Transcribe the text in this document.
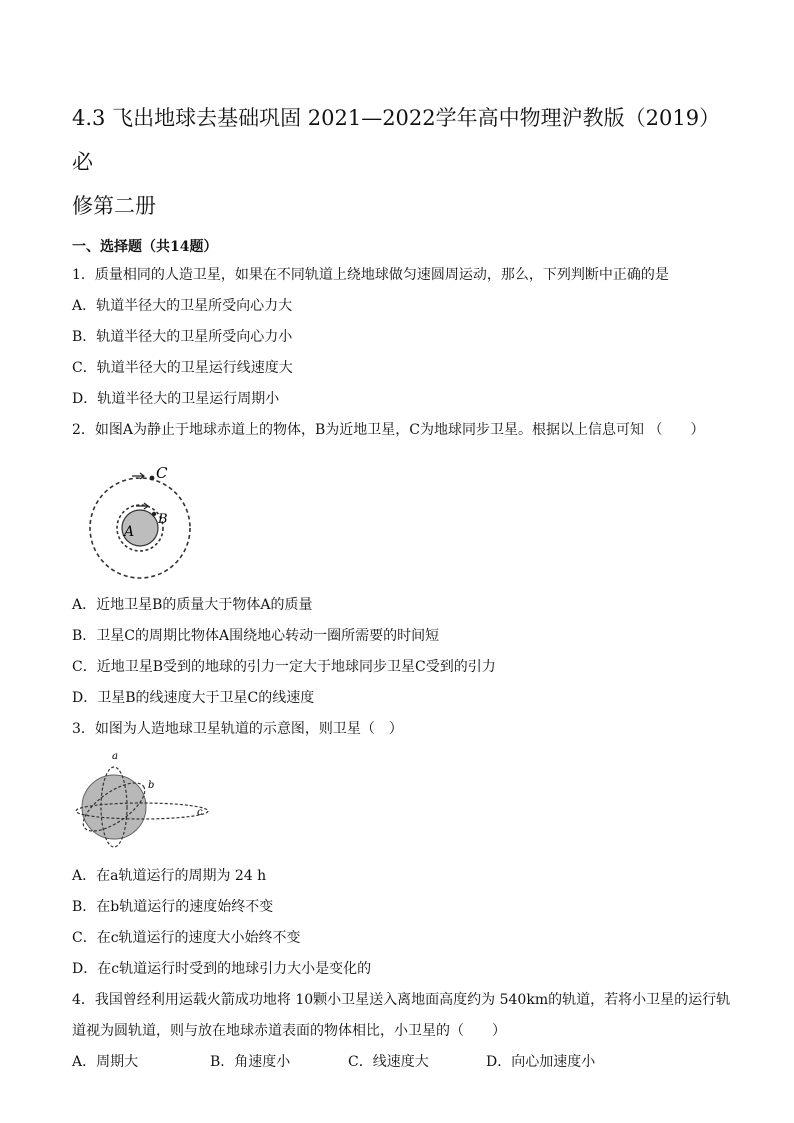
4.3 飞出地球去基础巩固 2021—2022学年高中物理沪教版（2019）必
修第二册
一、选择题（共14题）
1．质量相同的人造卫星，如果在不同轨道上绕地球做匀速圆周运动，那么，下列判断中正确的是
A．轨道半径大的卫星所受向心力大
B．轨道半径大的卫星所受向心力小
C．轨道半径大的卫星运行线速度大
D．轨道半径大的卫星运行周期小
2．如图A为静止于地球赤道上的物体，B为近地卫星，C为地球同步卫星。根据以上信息可知 （　　）
C
B
A
A．近地卫星B的质量大于物体A的质量
B．卫星C的周期比物体A围绕地心转动一圈所需要的时间短
C．近地卫星B受到的地球的引力一定大于地球同步卫星C受到的引力
D．卫星B的线速度大于卫星C的线速度
3．如图为人造地球卫星轨道的示意图，则卫星（　）
a
b
c
A．在a轨道运行的周期为 24 h
B．在b轨道运行的速度始终不变
C．在c轨道运行的速度大小始终不变
D．在c轨道运行时受到的地球引力大小是变化的
4．我国曾经利用运载火箭成功地将 10颗小卫星送入离地面高度约为 540km的轨道，若将小卫星的运行轨
道视为圆轨道，则与放在地球赤道表面的物体相比，小卫星的（　　）
A．周期大	B．角速度小	C．线速度大	D．向心加速度小
